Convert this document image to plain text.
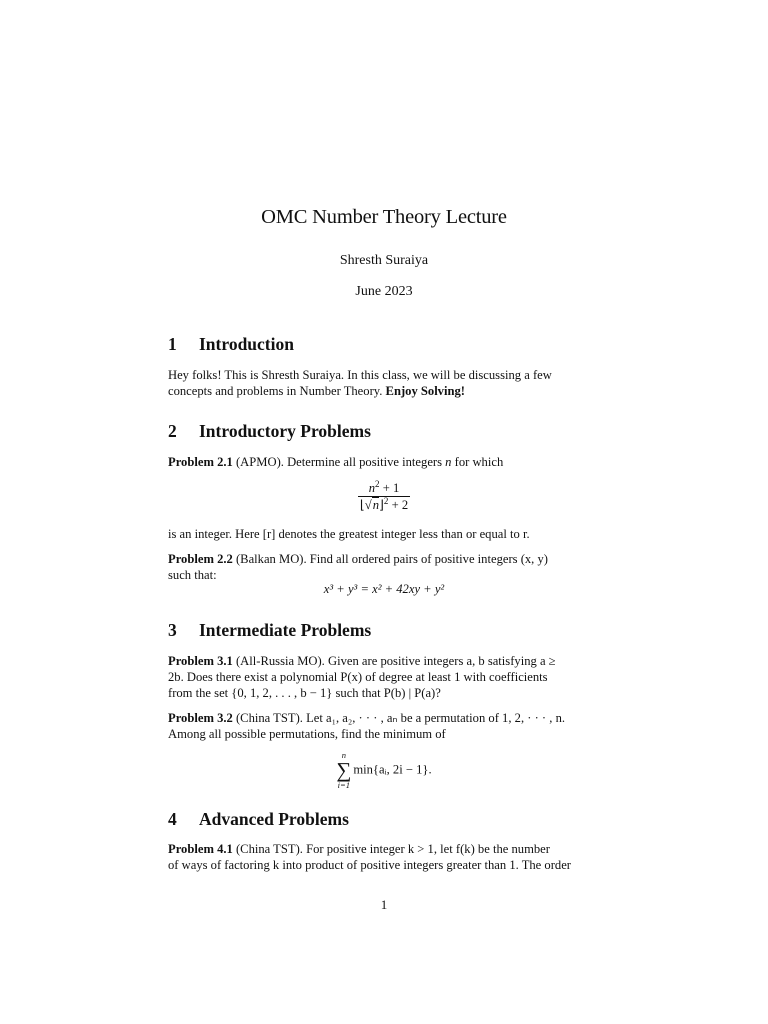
OMC Number Theory Lecture
Shresth Suraiya
June 2023
1 Introduction
Hey folks! This is Shresth Suraiya. In this class, we will be discussing a few
concepts and problems in Number Theory. Enjoy Solving!
2 Introductory Problems
Problem 2.1 (APMO). Determine all positive integers n for which
$\frac{n^2 + 1}{⌊√n⌋^2 + 2}$
is an integer. Here [r] denotes the greatest integer less than or equal to r.
Problem 2.2 (Balkan MO). Find all ordered pairs of positive integers (x, y)
such that:
x³ + y³ = x² + 42xy + y²
3 Intermediate Problems
Problem 3.1 (All-Russia MO). Given are positive integers a, b satisfying a ≥
2b. Does there exist a polynomial P(x) of degree at least 1 with coefficients
from the set {0, 1, 2, . . . , b − 1} such that P(b) | P(a)?
Problem 3.2 (China TST). Let a₁, a₂, · · · , aₙ be a permutation of 1, 2, · · · , n.
Among all possible permutations, find the minimum of
n
∑
i=1
min{aᵢ, 2i − 1}.
4 Advanced Problems
Problem 4.1 (China TST). For positive integer k > 1, let f(k) be the number
of ways of factoring k into product of positive integers greater than 1. The order
1
